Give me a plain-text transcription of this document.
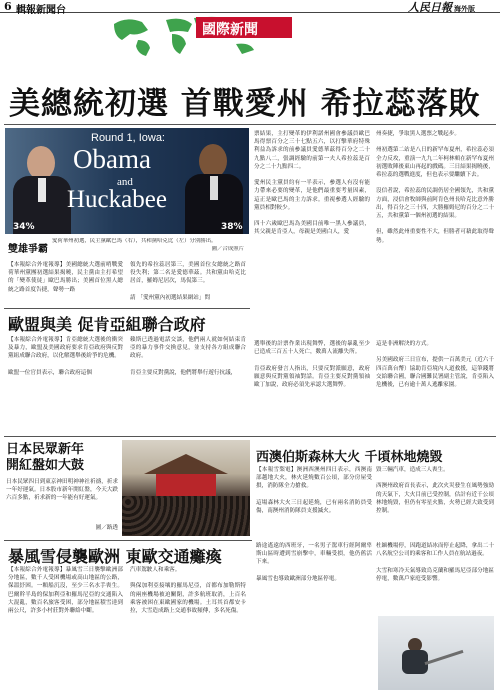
6 輯報新聞台	人民日報 海外版
國際新聞
美總統初選 首戰愛州 希拉蕊落敗
Round 1, Iowa:
Obama
and
Huckabee
34%	38%
雙雄爭霸
愛荷華州初選，民主黨歐巴馬（右），共和黨哈克比（左）分別勝出。
圖／合成照片
【本報綜合外電報導】美國總統大選前哨戰愛荷華州黨團初選結果揭曉，民主黨由主打希望的「變革使徒」歐巴馬勝出；美國首位黑人總統之路首度告捷，聲勢一路
領先的希拉蕊居第三，美國首位女總統之路首役失利；第二名是愛德華茲。共和黨由哈克比居首，羅姆尼居次，馬侃第三。

請 「愛州黨內初選結果網站」問
票結果，主打變革的伊利諾州國會參議員歐巴馬得票百分之三十七點五六，以打擊華府特殊利益為訴求的前參議員愛德華茲得百分之二十九點八二，張調經驗的前第一夫人希拉蕊是百分之二十九點四二。

愛州民主黨員約有一半表示，參選人有沒有能力帶來必要的變革，是他們最重要考量因素，這正是歐巴馬的主力訴求。重視參選人經驗的黨員相對較少。

四十六歲歐巴馬為美國目前唯一黑人參議員，其父親是肯亞人，母親是美國白人，愛
州奏捷，爭取黑人選票之戰起步。

州初選第二站是八日的新罕布夏州，希拉蕊必須全力反攻，重演一九九二年柯林頓在新罕布夏州初選敗陣後東山再起的戲碼。三日結果揭曉後，希拉蕊的選戰進度，但也表示要繼續下去。

沒信者說，希拉蕊的民調仍居全國領先，共和黨方面，浸信會牧師與前阿肯色州長哈克比意外勝出，得百分之三十四，大勝羅姆尼的百分之二十五，共和黨第一個州初選的結果。

但，雖然此州重要性不大，但勝者可藉此取得聲勢。
歐盟與美 促肯亞組聯合政府
【本報綜合外電報導】肯亞總統大選後的衝突及暴力，歐盟及美國政府要求肯亞政府與反對黨組成聯合政府，以化解選舉後紛爭的危機。

歐盟一位官員表示，聯合政府這個
賴斯已透過電話交談，他們兩人就如何結束肯亞的暴力事件交換意見，並支持各方組成聯合政府。

肯亞主要反對黨說，他們將舉行遊行抗議，
選舉後的計票作業出現舞弊，選後的暴亂至少已造成三百五十人死亡，數萬人流離失所。

肯亞政府發言人指出，只要反對派願意，政府願意與反對黨領袖對話。肯亞主要反對黨領袖歐丁加說，政府必須先承認大選舞弊。
這是非洲解決的方式。

另美國政府三日宣布，提供一百萬美元（近六千四百萬台幣）協助肯亞境內人道救援，這筆錢將交給聯合國，聯合國難民署副主管說，肯亞陷入危機後，已有逾十萬人逃離家園。
日本民眾新年
開紅盤如大鼓
日本民眾四日到東京神田明神神社祈禱，祈求一年好運氣。日本股市新年開紅盤，今天大跌六百多點，祈求新的一年能有好運氣。
圖／路透
西澳伯斯森林大火 千頃林地燒毀
【本報雪梨電】澳洲西澳州四日表示，西澳南部越地大火，林火延燒數百公頃，部分房屋受損，消防隊全力搶救。

這場森林大火三日起延燒，已有兩名消防員受傷，南澳州消防隊員支援滅火。
毀三輛汽車，造成三人喪生。

西澳州政府首長表示，此次火災發生在風勢強勁的天氣下，大火目前已受控制，估計有近千公頃林地燒毀，但仍有零星火點，火勢已經大致受到控制。
暴風雪侵襲歐洲 東歐交通癱瘓
【本報綜合外電報導】暴風雪三日襲擊歐洲部分地區，數千人受困機場或高山地區的公路，保溫紓困。一顆船沉沒，至少三名水手喪生。巴爾幹半島的保加利亞和羅馬尼亞的交通陷入大混亂，數百名旅客受困，部分地區積雪達到兩公尺，許多小村莊對外聯絡中斷。
汽車駕駛人和乘客。

與保加利亞接壤的羅馬尼亞，首都布加勒斯特的兩座機場被迫關閉，許多航班取消，上百名乘客被困在東歐國家的機場。土耳其首都安卡拉，大雪造成路上交通事故頻傳，多名死傷。
路途遙遠的西班牙，一名男子駕車行經阿爾卑斯山區時遭到雪崩擊中，車輛受損，他仍舊活下來。

暴風雪也導致歐洲部分地區停電。
杜緬機場停，因跑道結冰而停止起降，拿出二十八名航空公司的乘客和工作人員在航站過夜。

大雪和寒冷天氣導致烏克蘭和羅馬尼亞部分地區停電，數萬戶家庭受影響。
